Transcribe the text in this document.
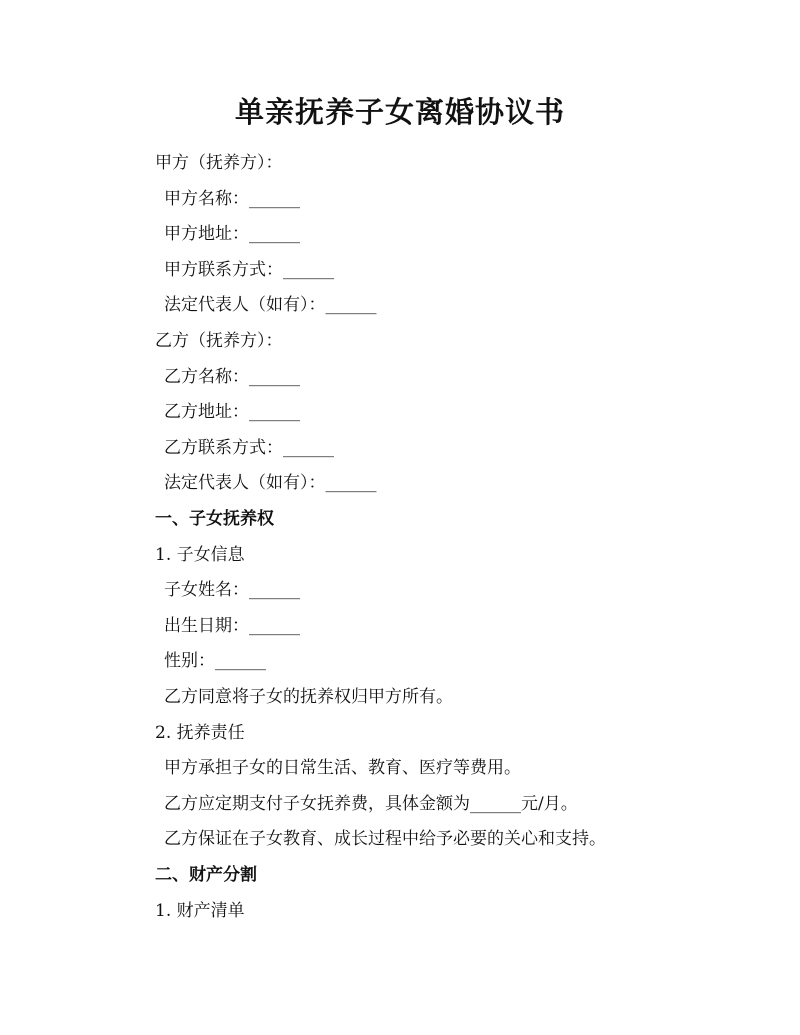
单亲抚养子女离婚协议书
甲方（抚养方）：
甲方名称：______
甲方地址：______
甲方联系方式：______
法定代表人（如有）：______
乙方（抚养方）：
乙方名称：______
乙方地址：______
乙方联系方式：______
法定代表人（如有）：______
一、子女抚养权
1. 子女信息
子女姓名：______
出生日期：______
性别：______
乙方同意将子女的抚养权归甲方所有。
2. 抚养责任
甲方承担子女的日常生活、教育、医疗等费用。
乙方应定期支付子女抚养费，具体金额为______元/月。
乙方保证在子女教育、成长过程中给予必要的关心和支持。
二、财产分割
1. 财产清单
